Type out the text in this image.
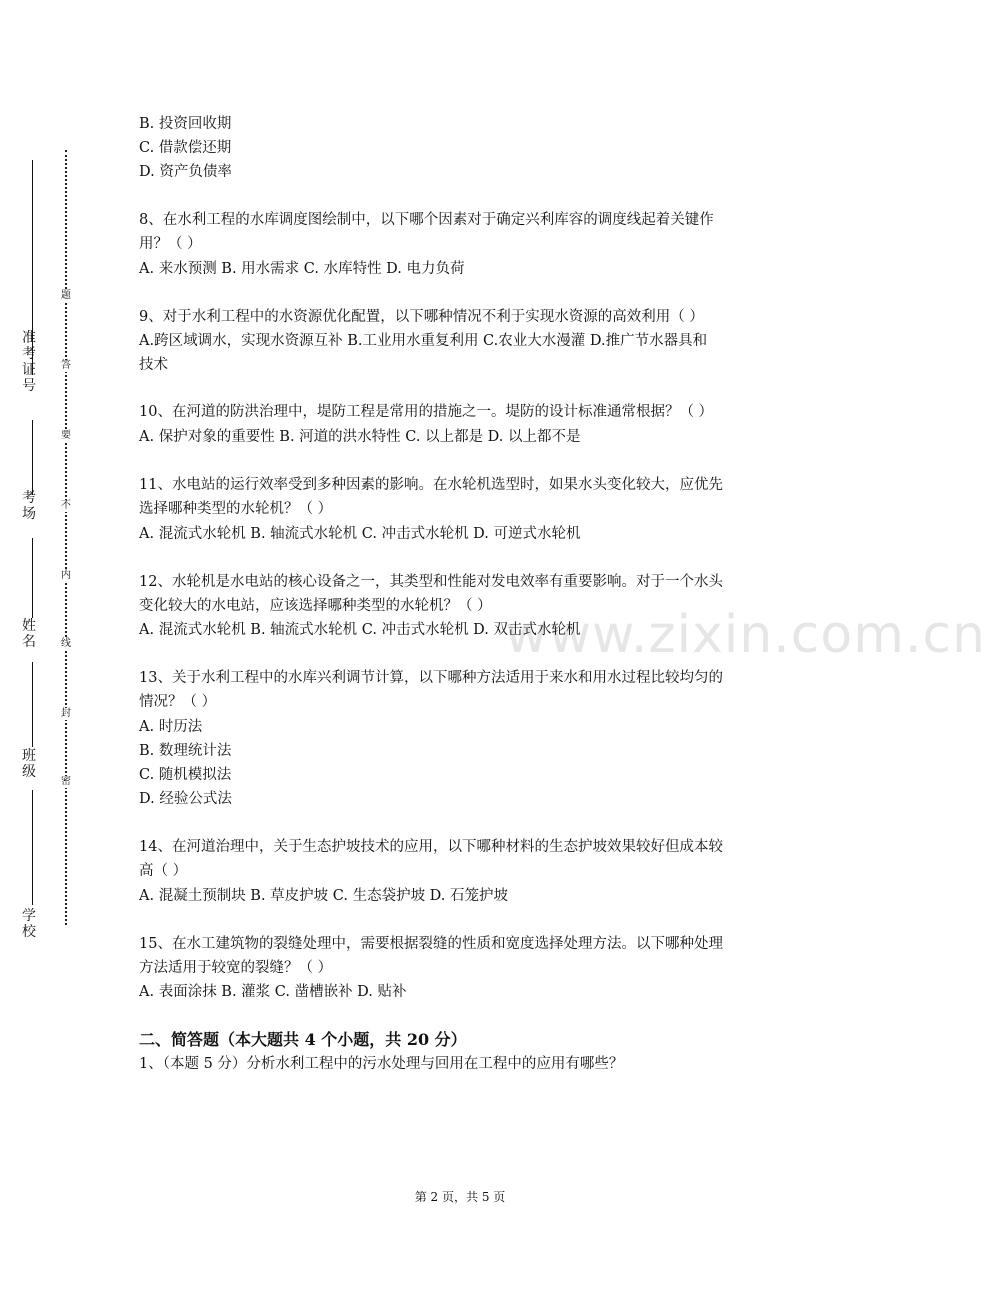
准考证号
考场
姓名
班级
学校
题
答
要
不
内
线
封
密
www.zixin.com.cn
B. 投资回收期
C. 借款偿还期
D. 资产负债率
8、在水利工程的水库调度图绘制中，以下哪个因素对于确定兴利库容的调度线起着关键作
用？（ ）
A. 来水预测 B. 用水需求 C. 水库特性 D. 电力负荷
9、对于水利工程中的水资源优化配置，以下哪种情况不利于实现水资源的高效利用（ ）
A.跨区域调水，实现水资源互补 B.工业用水重复利用 C.农业大水漫灌 D.推广节水器具和
技术
10、在河道的防洪治理中，堤防工程是常用的措施之一。堤防的设计标准通常根据？（ ）
A. 保护对象的重要性 B. 河道的洪水特性 C. 以上都是 D. 以上都不是
11、水电站的运行效率受到多种因素的影响。在水轮机选型时，如果水头变化较大，应优先
选择哪种类型的水轮机？（ ）
A. 混流式水轮机 B. 轴流式水轮机 C. 冲击式水轮机 D. 可逆式水轮机
12、水轮机是水电站的核心设备之一，其类型和性能对发电效率有重要影响。对于一个水头
变化较大的水电站，应该选择哪种类型的水轮机？（ ）
A. 混流式水轮机 B. 轴流式水轮机 C. 冲击式水轮机 D. 双击式水轮机
13、关于水利工程中的水库兴利调节计算，以下哪种方法适用于来水和用水过程比较均匀的
情况？（ ）
A. 时历法
B. 数理统计法
C. 随机模拟法
D. 经验公式法
14、在河道治理中，关于生态护坡技术的应用，以下哪种材料的生态护坡效果较好但成本较
高（ ）
A. 混凝土预制块 B. 草皮护坡 C. 生态袋护坡 D. 石笼护坡
15、在水工建筑物的裂缝处理中，需要根据裂缝的性质和宽度选择处理方法。以下哪种处理
方法适用于较宽的裂缝？（ ）
A. 表面涂抹 B. 灌浆 C. 凿槽嵌补 D. 贴补
二、简答题（本大题共 4 个小题，共 20 分）
1、（本题 5 分）分析水利工程中的污水处理与回用在工程中的应用有哪些？
第 2 页，共 5 页
